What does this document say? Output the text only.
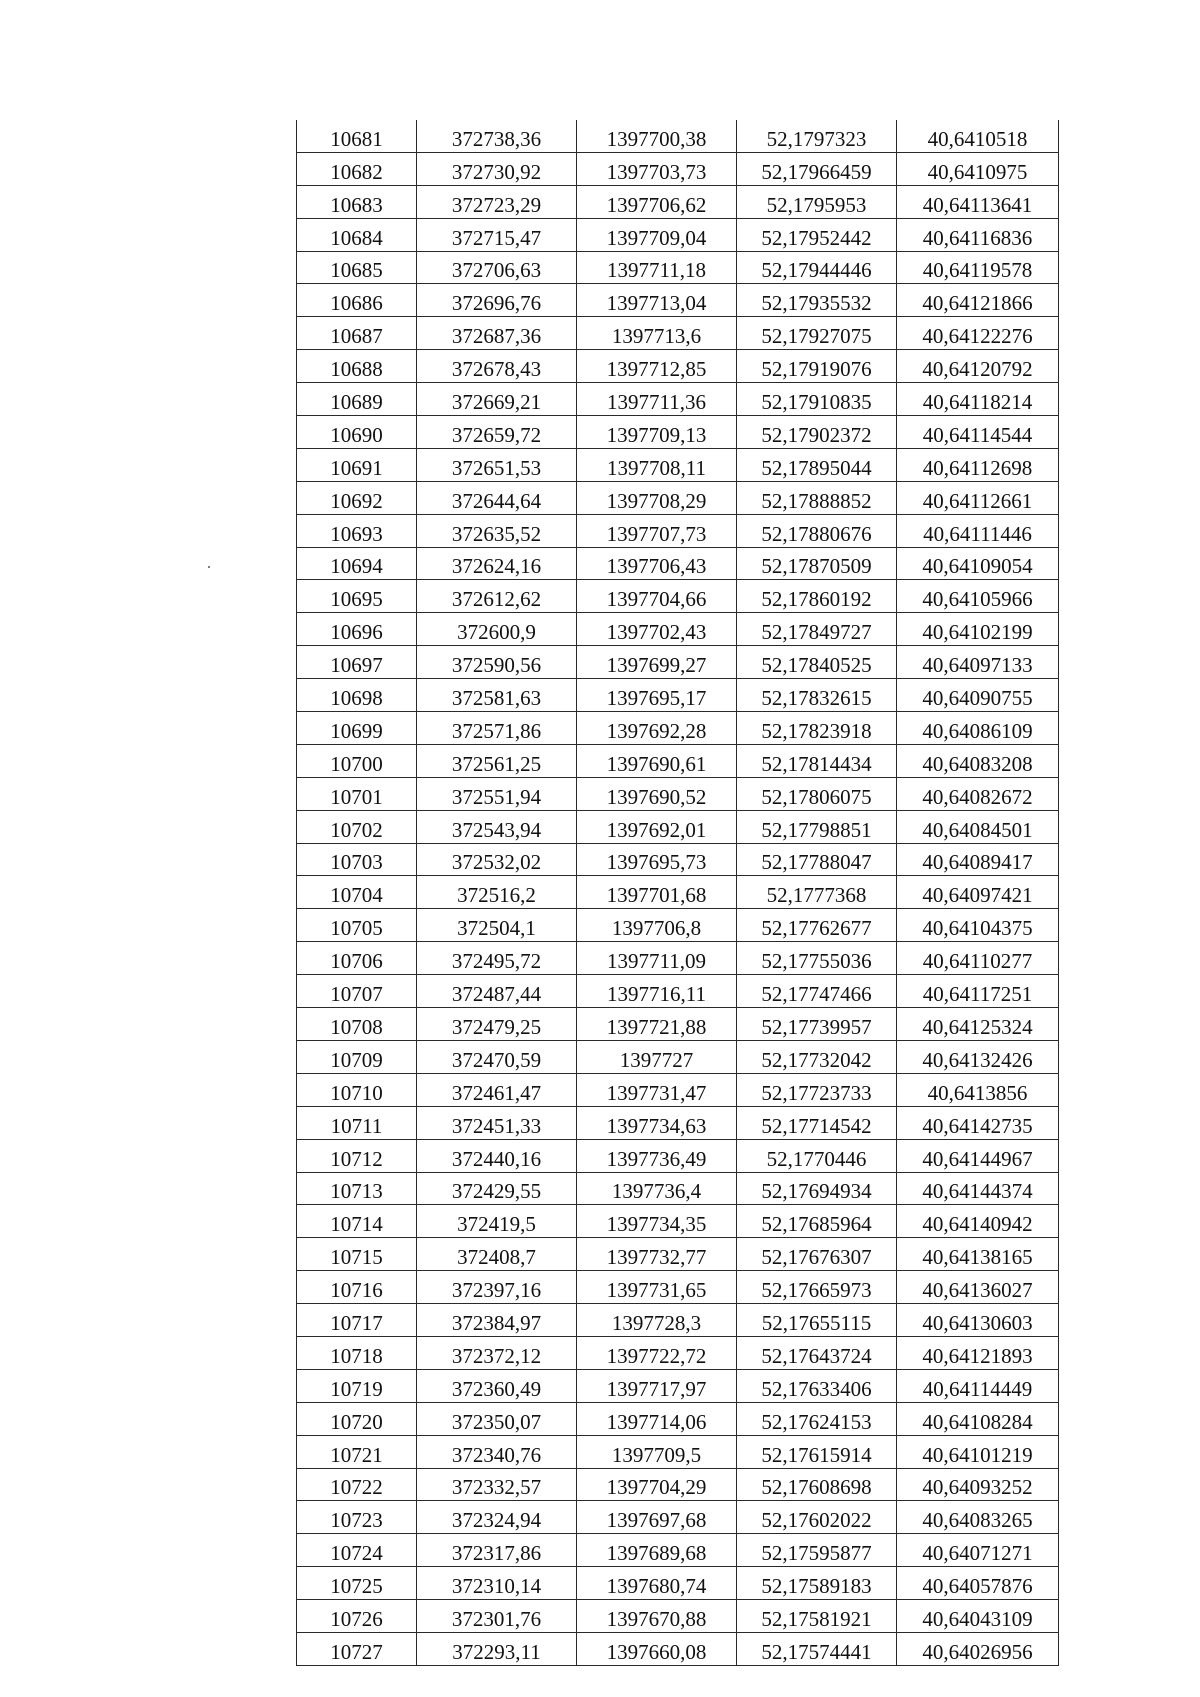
10681	372738,36	1397700,38	52,1797323	40,6410518
10682	372730,92	1397703,73	52,17966459	40,6410975
10683	372723,29	1397706,62	52,1795953	40,64113641
10684	372715,47	1397709,04	52,17952442	40,64116836
10685	372706,63	1397711,18	52,17944446	40,64119578
10686	372696,76	1397713,04	52,17935532	40,64121866
10687	372687,36	1397713,6	52,17927075	40,64122276
10688	372678,43	1397712,85	52,17919076	40,64120792
10689	372669,21	1397711,36	52,17910835	40,64118214
10690	372659,72	1397709,13	52,17902372	40,64114544
10691	372651,53	1397708,11	52,17895044	40,64112698
10692	372644,64	1397708,29	52,17888852	40,64112661
10693	372635,52	1397707,73	52,17880676	40,64111446
10694	372624,16	1397706,43	52,17870509	40,64109054
10695	372612,62	1397704,66	52,17860192	40,64105966
10696	372600,9	1397702,43	52,17849727	40,64102199
10697	372590,56	1397699,27	52,17840525	40,64097133
10698	372581,63	1397695,17	52,17832615	40,64090755
10699	372571,86	1397692,28	52,17823918	40,64086109
10700	372561,25	1397690,61	52,17814434	40,64083208
10701	372551,94	1397690,52	52,17806075	40,64082672
10702	372543,94	1397692,01	52,17798851	40,64084501
10703	372532,02	1397695,73	52,17788047	40,64089417
10704	372516,2	1397701,68	52,1777368	40,64097421
10705	372504,1	1397706,8	52,17762677	40,64104375
10706	372495,72	1397711,09	52,17755036	40,64110277
10707	372487,44	1397716,11	52,17747466	40,64117251
10708	372479,25	1397721,88	52,17739957	40,64125324
10709	372470,59	1397727	52,17732042	40,64132426
10710	372461,47	1397731,47	52,17723733	40,6413856
10711	372451,33	1397734,63	52,17714542	40,64142735
10712	372440,16	1397736,49	52,1770446	40,64144967
10713	372429,55	1397736,4	52,17694934	40,64144374
10714	372419,5	1397734,35	52,17685964	40,64140942
10715	372408,7	1397732,77	52,17676307	40,64138165
10716	372397,16	1397731,65	52,17665973	40,64136027
10717	372384,97	1397728,3	52,17655115	40,64130603
10718	372372,12	1397722,72	52,17643724	40,64121893
10719	372360,49	1397717,97	52,17633406	40,64114449
10720	372350,07	1397714,06	52,17624153	40,64108284
10721	372340,76	1397709,5	52,17615914	40,64101219
10722	372332,57	1397704,29	52,17608698	40,64093252
10723	372324,94	1397697,68	52,17602022	40,64083265
10724	372317,86	1397689,68	52,17595877	40,64071271
10725	372310,14	1397680,74	52,17589183	40,64057876
10726	372301,76	1397670,88	52,17581921	40,64043109
10727	372293,11	1397660,08	52,17574441	40,64026956
